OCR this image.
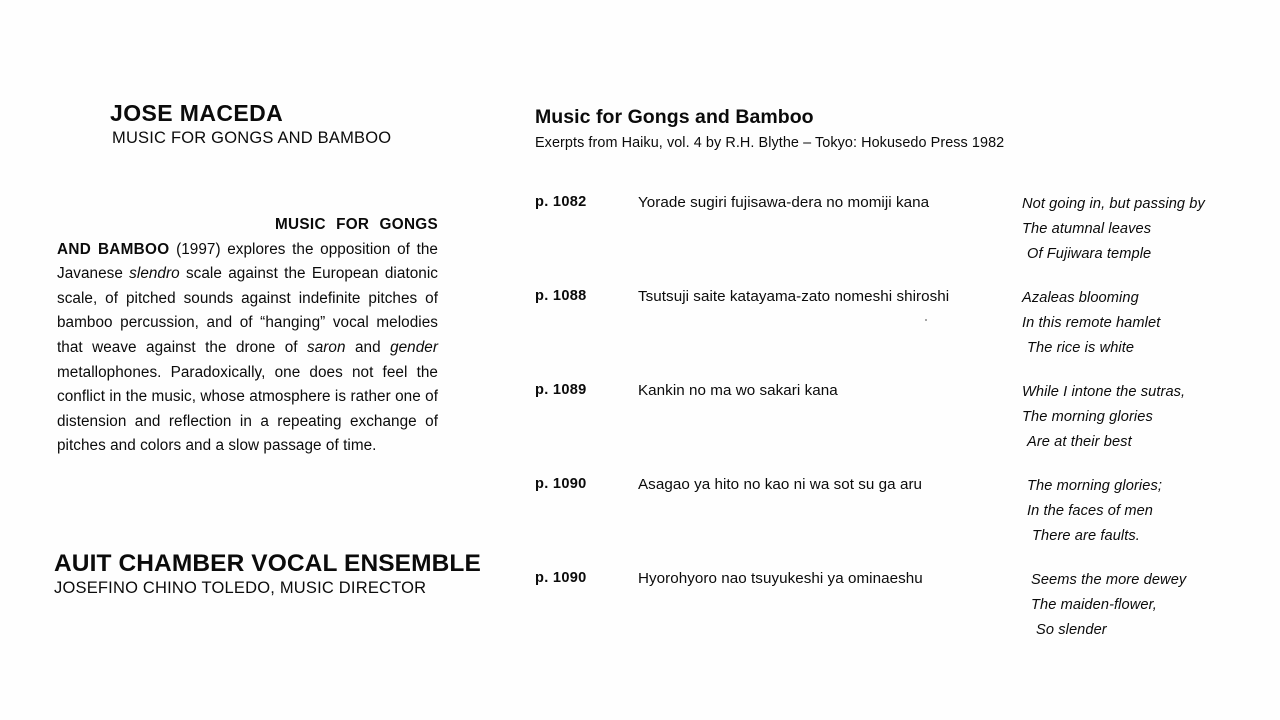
JOSE MACEDA
MUSIC FOR GONGS AND BAMBOO

MUSIC FOR GONGS AND BAMBOO (1997) explores the opposition of the Javanese slendro scale against the European diatonic scale, of pitched sounds against indefinite pitches of bamboo percussion, and of “hanging” vocal melodies that weave against the drone of saron and gender metallophones. Paradoxically, one does not feel the conflict in the music, whose atmosphere is rather one of distension and reflection in a repeating exchange of pitches and colors and a slow passage of time.

AUIT CHAMBER VOCAL ENSEMBLE

JOSEFINO CHINO TOLEDO, MUSIC DIRECTOR

Music for Gongs and Bamboo

Exerpts from Haiku, vol. 4 by R.H. Blythe – Tokyo: Hokusedo Press 1982

p. 1082	Yorade sugiri fujisawa-dera no momiji kana	Not going in, but passing by
The atumnal leaves
Of Fujiwara temple
p. 1088	Tsutsuji saite katayama-zato nomeshi shiroshi	Azaleas blooming
In this remote hamlet
The rice is white
p. 1089	Kankin no ma wo sakari kana	While I intone the sutras,
The morning glories
Are at their best
p. 1090	Asagao ya hito no kao ni wa sot su ga aru	The morning glories;
In the faces of men
There are faults.
p. 1090	Hyorohyoro nao tsuyukeshi ya ominaeshu	Seems the more dewey
The maiden-flower,
So slender
